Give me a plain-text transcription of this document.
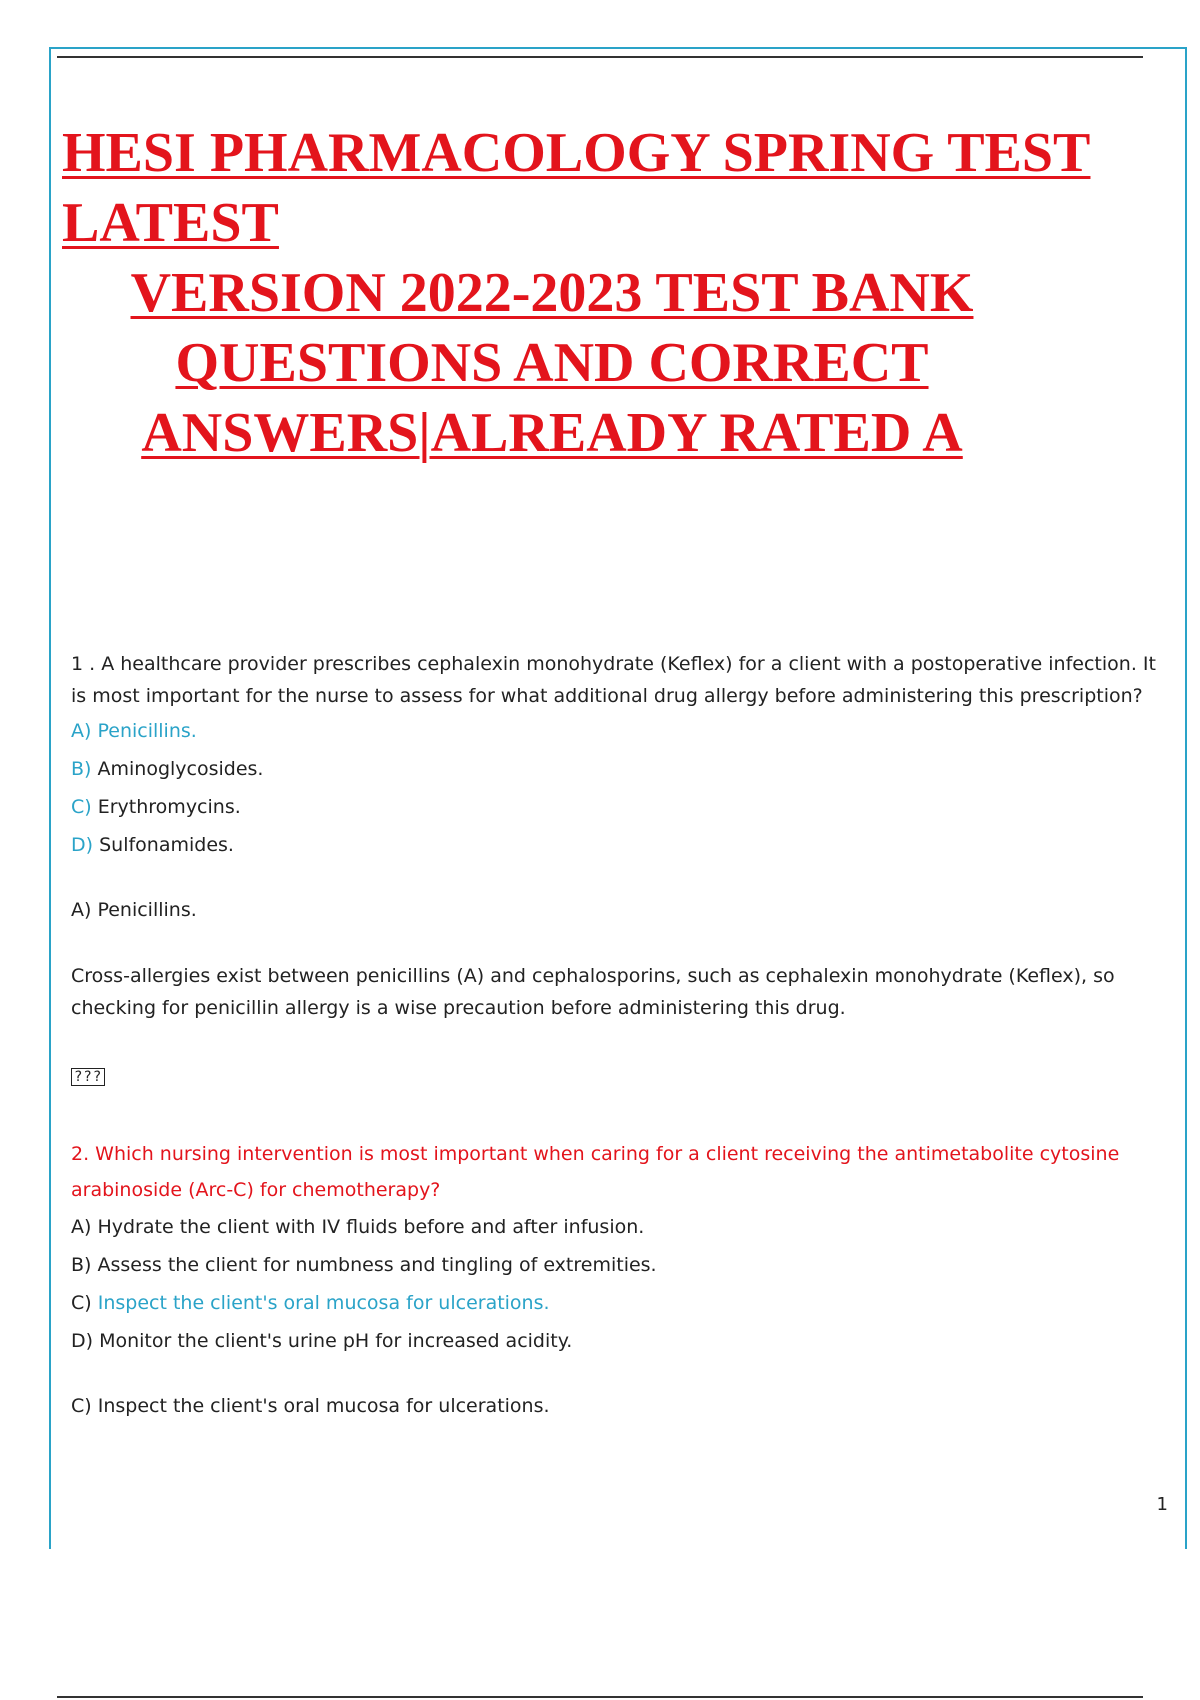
HESI PHARMACOLOGY SPRING TEST
LATEST
VERSION 2022-2023 TEST BANK
QUESTIONS AND CORRECT
ANSWERS|ALREADY RATED A

1 . A healthcare provider prescribes cephalexin monohydrate (Keflex) for a client with a postoperative infection. It is most important for the nurse to assess for what additional drug allergy before administering this prescription?

A) Penicillins.

B) Aminoglycosides.

C) Erythromycins.

D) Sulfonamides.

A) Penicillins.

Cross-allergies exist between penicillins (A) and cephalosporins, such as cephalexin monohydrate (Keflex), so checking for penicillin allergy is a wise precaution before administering this drug.

???

2. Which nursing intervention is most important when caring for a client receiving the antimetabolite cytosine arabinoside (Arc-C) for chemotherapy?

A) Hydrate the client with IV fluids before and after infusion.

B) Assess the client for numbness and tingling of extremities.

C) Inspect the client's oral mucosa for ulcerations.

D) Monitor the client's urine pH for increased acidity.

C) Inspect the client's oral mucosa for ulcerations.

1
